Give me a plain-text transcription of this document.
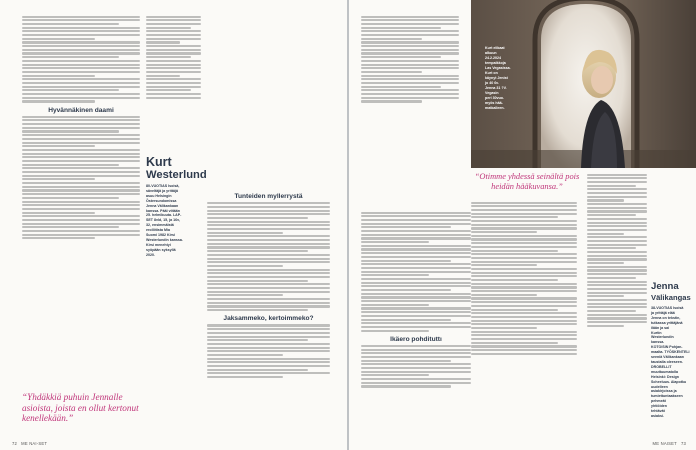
Hyvännäkinen daami
“Yhdäkkiä puhuin Jennalle asioista, joista en ollut kertonut kenellekään.”
Kurt
Westerlund
80-VUOTIAS Isoisä,
säveltäjä ja yrittäjä
asuu Helsingin
Östersundomissa
Jenna Välikankaan
kanssa. Pääi viitään
25. helmikuuta. LAP-
SET 8vld, 15, ja 16v,
32, ensimmäistä
erolliitista Mia
Suomi 1982 Kirsi
Westerlundin kanssa.
Kirsi menehtyi
syöpään syksyllä
2020.
Tunteiden myllerrystä
Jaksammeko, kertoimmeko?
72 ME NAI-SET
Ikäero pohdituttı
Kurt elikaat
alkuun
24.2.2024
tempaikkoja
Las Vegasissa.
Kurt on
käynyt Jenist
jo 40 6v.
Jenna 31 ?V.
Vegasin
perl 30vuo.
myös hää-
matkalleen.
“Otimme yhdessä seinältä pois heidän hääkuvansa.”
Jenna
Välikangas
38-VUOTIAS Isoisä
ja yrittäjä elää
Jenna on tekstin,
tutkassa yrittäjänä
ilään ja sai
Kurtin
Westerlundin
kanssa.
KOTOISIN Pohjan-
maalta. TYÖSKENTELI
seeniä Välikankaan
taustalla oleeseen.
DROBELLIT
muuttuumatolla
Helsinki: Design
Scheeluus. Alapotku
uudelleen
asiakirjoissa ja
tumiettuntaakseen
pehmeät
yhtiöiden
tehtävät
asiaksi.
ME NAISET 73
